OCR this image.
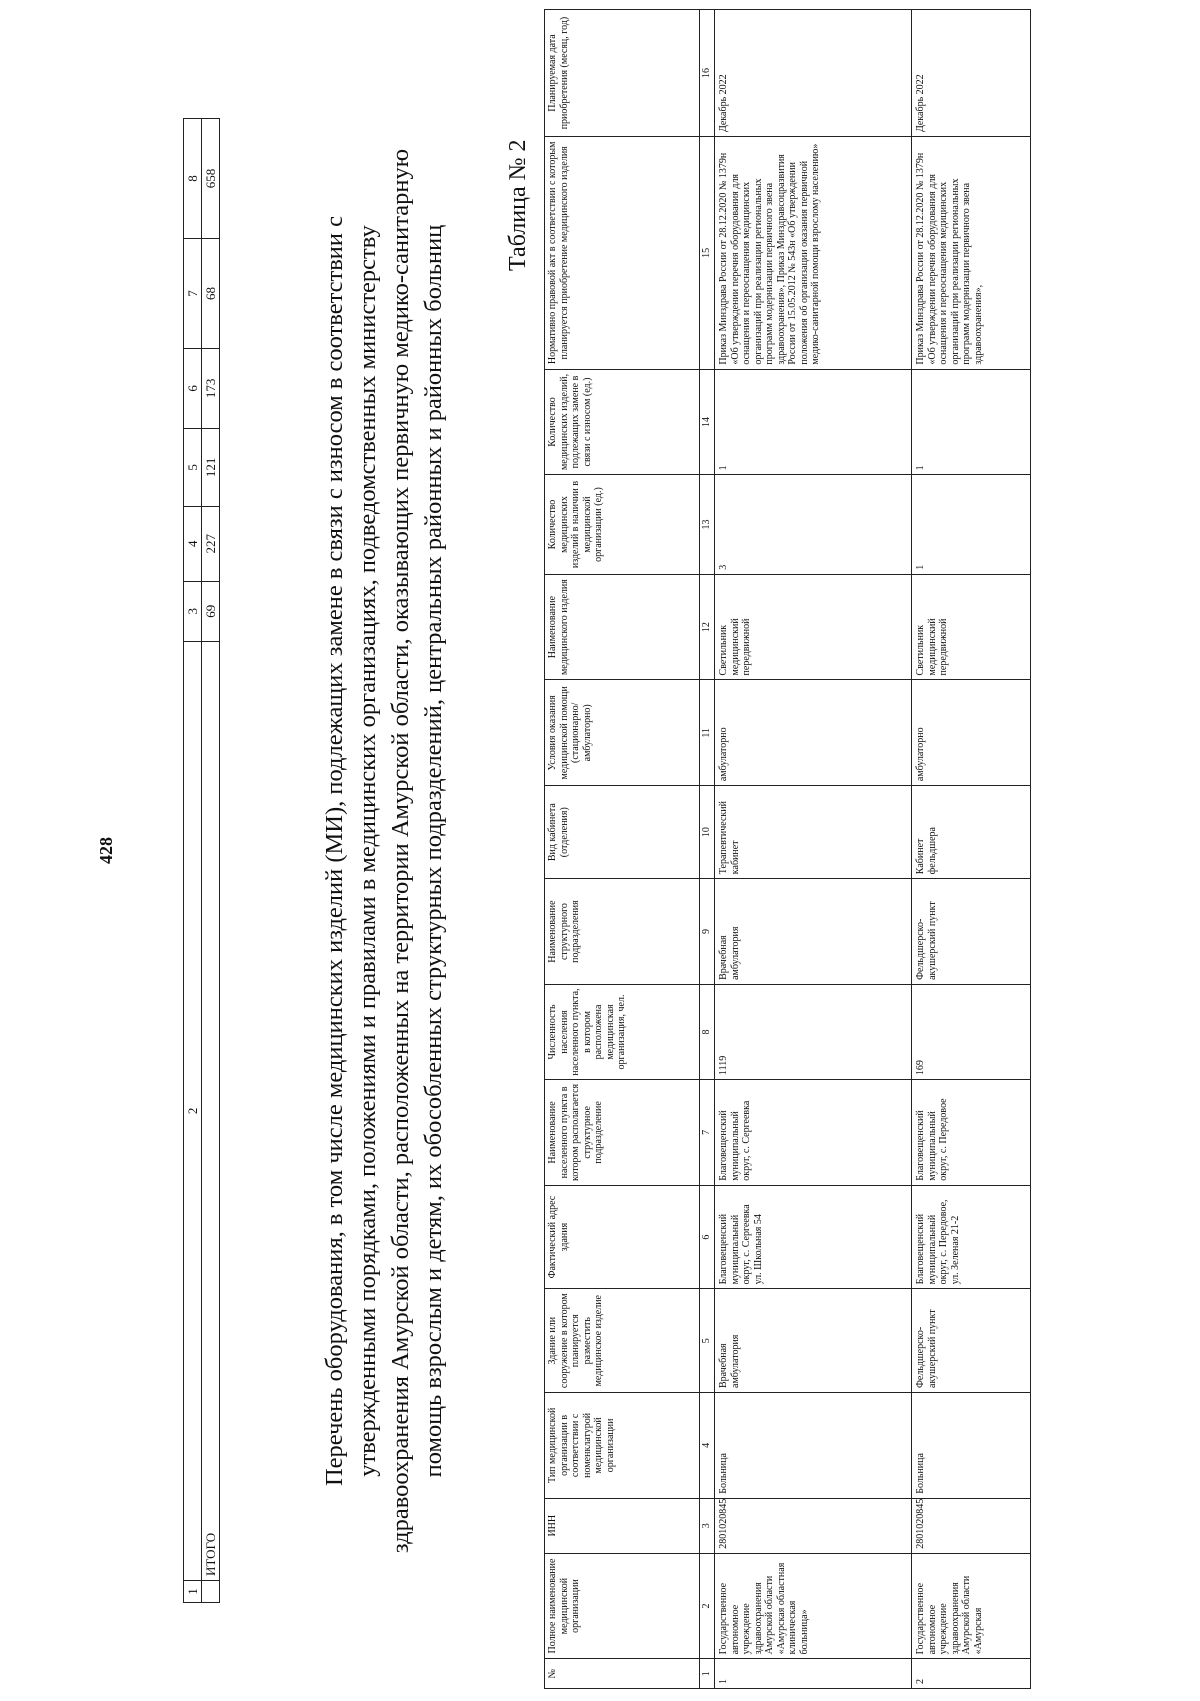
1	2	3	4	5	6	7	8
	ИТОГО	69	227	121	173	68	658
428	Перечень оборудования, в том числе медицинских изделий (МИ), подлежащих замене в связи с износом в соответствии с утвержденными порядками, положениями и правилами в медицинских организациях, подведомственных министерству здравоохранения Амурской области, расположенных на территории Амурской области, оказывающих первичную медико-санитарную помощь взрослым и детям, их обособленных структурных подразделений, центральных районных и районных больниц

Таблица № 2
№	Полное наименование медицинской организации	ИНН	Тип медицинской организации в соответствии с номенклатурой медицинской организации	Здание или сооружение в котором планируется разместить медицинское изделие	Фактический адрес здания	Наименование населенного пункта в котором располагается структурное подразделение	Численность населения населенного пункта, в котором расположена медицинская организация, чел.	Наименование структурного подразделения	Вид кабинета (отделения)	Условия оказания медицинской помощи (стационарно/ амбулаторно)	Наименование медицинского изделия	Количество медицинских изделий в наличии в медицинской организации (ед.)	Количество медицинских изделий, подлежащих замене в связи с износом (ед.)	Нормативно правовой акт в соответствии с которым планируется приобретение медицинского изделия	Планируемая дата приобретения (месяц, год)
1	2	3	4	5	6	7	8	9	10	11	12	13	14	15	16
1	Государственное автономное учреждение здравоохранения Амурской области «Амурская областная клиническая больница»	2801020845	Больница	Врачебная амбулатория	Благовещенский муниципальный округ, с. Сергеевка ул. Школьная 54	Благовещенский муниципальный округ, с. Сергеевка	1119	Врачебная амбулатория	Терапевтический кабинет	амбулаторно	Светильник медицинский передвижной	3	1	Приказ Минздрава России от 28.12.2020 № 1379н «Об утверждении перечня оборудования для оснащения и переоснащения медицинских организаций при реализации региональных программ модернизации первичного звена здравоохранения», Приказ Минздравсоцразвития России от 15.05.2012 № 543н «Об утверждении положения об организации оказания первичной медико-санитарной помощи взрослому населению»	Декабрь 2022
2	Государственное автономное учреждение здравоохранения Амурской области «Амурская	2801020845	Больница	Фельдшерско-акушерский пункт	Благовещенский муниципальный округ, с. Передовое, ул. Зеленая 21-2	Благовещенский муниципальный округ, с. Передовое	169	Фельдшерско-акушерский пункт	Кабинет фельдшера	амбулаторно	Светильник медицинский передвижной	1	1	Приказ Минздрава России от 28.12.2020 № 1379н «Об утверждении перечня оборудования для оснащения и переоснащения медицинских организаций при реализации региональных программ модернизации первичного звена здравоохранения»,	Декабрь 2022
